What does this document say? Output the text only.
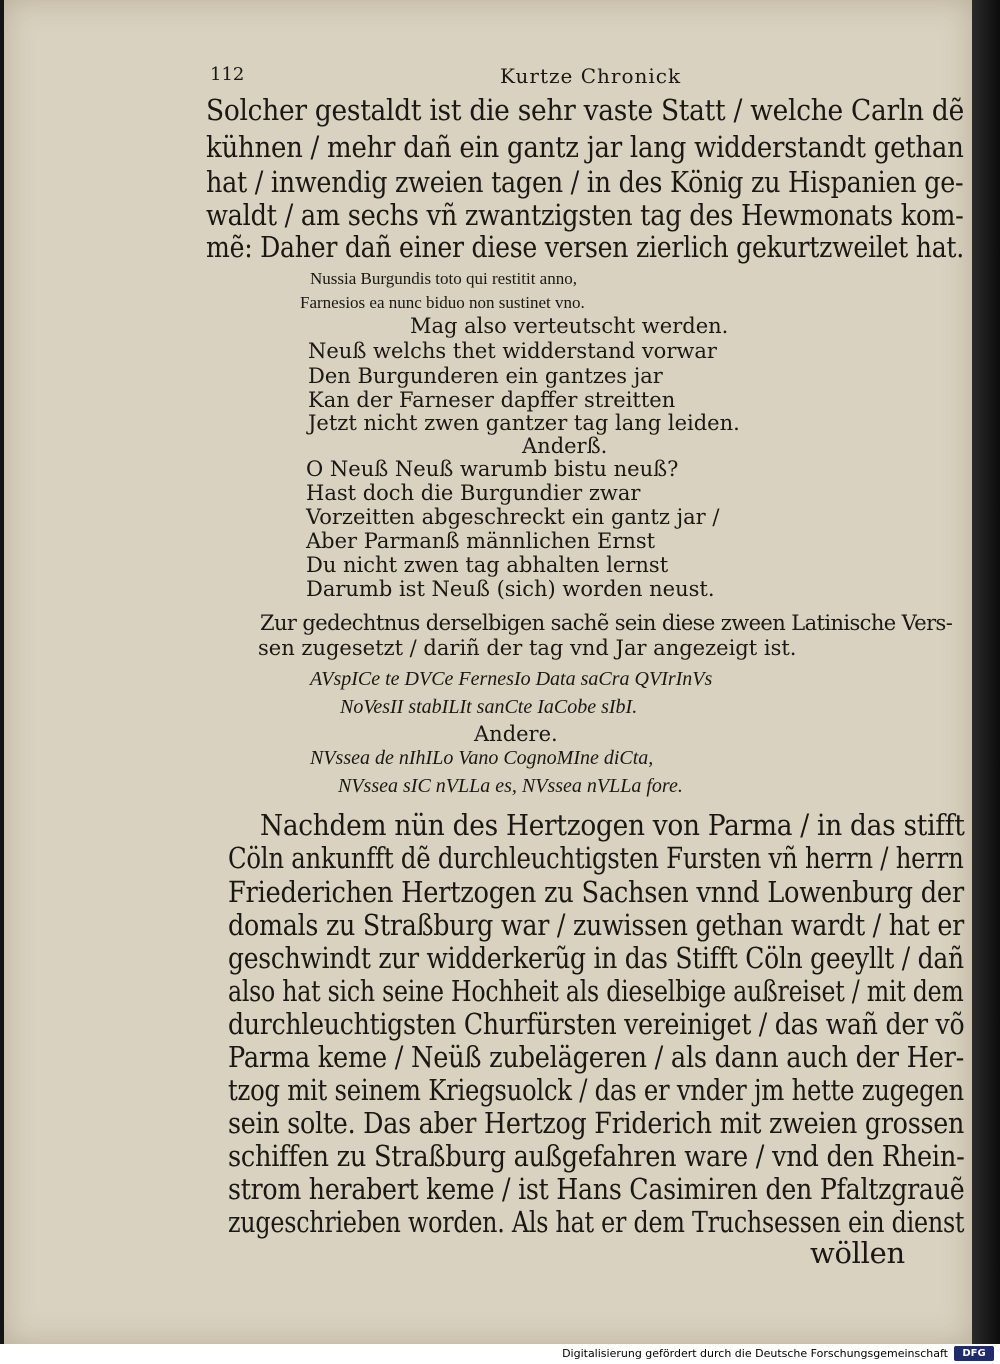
112	Kurtze Chronick
Solcher gestaldt ist die sehr vaste Statt / welche Carln dẽ
kühnen / mehr dañ ein gantz jar lang widderstandt gethan
hat / inwendig zweien tagen / in des König zu Hispanien ge-
waldt / am sechs vñ zwantzigsten tag des Hewmonats kom-
mẽ: Daher dañ einer diese versen zierlich gekurtzweilet hat.
Nussia Burgundis toto qui restitit anno,
Farnesios ea nunc biduo non sustinet vno.
Mag also verteutscht werden.
Neuß welchs thet widderstand vorwar
Den Burgunderen ein gantzes jar
Kan der Farneser dapffer streitten
Jetzt nicht zwen gantzer tag lang leiden.
Anderß.
O Neuß Neuß warumb bistu neuß?
Hast doch die Burgundier zwar
Vorzeitten abgeschreckt ein gantz jar /
Aber Parmanß männlichen Ernst
Du nicht zwen tag abhalten lernst
Darumb ist Neuß (sich) worden neust.
Zur gedechtnus derselbigen sachẽ sein diese zween Latinische Vers-
sen zugesetzt / dariñ der tag vnd Jar angezeigt ist.
AVspICe te DVCe FernesIo Data saCra QVIrInVs
NoVesII stabILIt sanCte IaCobe sIbI.
Andere.
NVssea de nIhILo Vano CognoMIne diCta,
NVssea sIC nVLLa es, NVssea nVLLa fore.
Nachdem nün des Hertzogen von Parma / in das stifft
Cöln ankunfft dẽ durchleuchtigsten Fursten vñ herrn / herrn
Friederichen Hertzogen zu Sachsen vnnd Lowenburg der
domals zu Straßburg war / zuwissen gethan wardt / hat er
geschwindt zur widderkerũg in das Stifft Cöln geeyllt / dañ
also hat sich seine Hochheit als dieselbige außreiset / mit dem
durchleuchtigsten Churfürsten vereiniget / das wañ der võ
Parma keme / Neüß zubelägeren / als dann auch der Her-
tzog mit seinem Kriegsuolck / das er vnder jm hette zugegen
sein solte. Das aber Hertzog Friderich mit zweien grossen
schiffen zu Straßburg außgefahren ware / vnd den Rhein-
strom herabert keme / ist Hans Casimiren den Pfaltzgrauẽ
zugeschrieben worden. Als hat er dem Truchsessen ein dienst
wöllen
Digitalisierung gefördert durch die Deutsche Forschungsgemeinschaft	DFG
